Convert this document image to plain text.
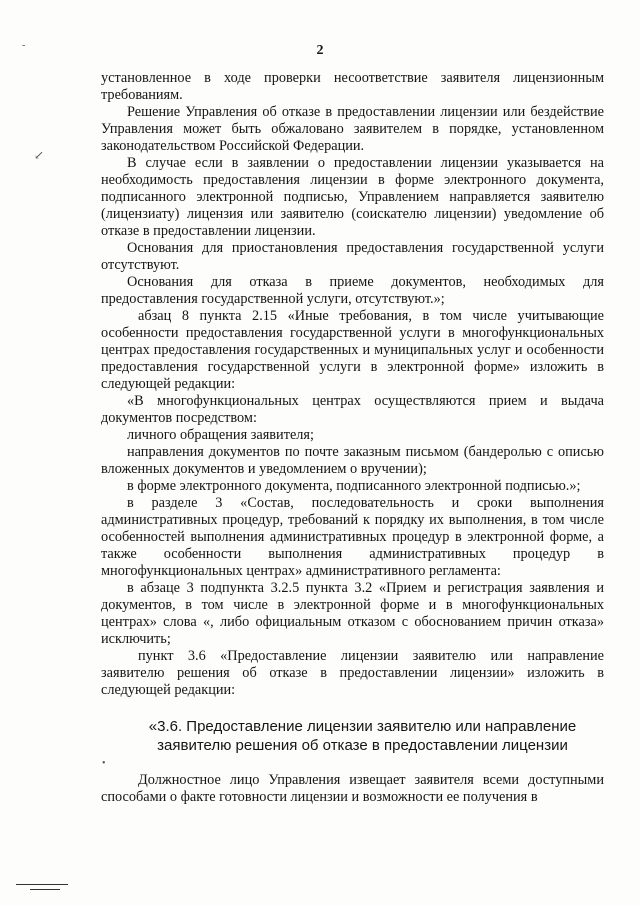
2

установленное в ходе проверки несоответствие заявителя лицензионным требованиям.

Решение Управления об отказе в предоставлении лицензии или бездействие Управления может быть обжаловано заявителем в порядке, установленном законодательством Российской Федерации.

В случае если в заявлении о предоставлении лицензии указывается на необходимость предоставления лицензии в форме электронного документа, подписанного электронной подписью, Управлением направляется заявителю (лицензиату) лицензия или заявителю (соискателю лицензии) уведомление об отказе в предоставлении лицензии.

Основания для приостановления предоставления государственной услуги отсутствуют.

Основания для отказа в приеме документов, необходимых для предоставления государственной услуги, отсутствуют.»;

абзац 8 пункта 2.15 «Иные требования, в том числе учитывающие особенности предоставления государственной услуги в многофункциональных центрах предоставления государственных и муниципальных услуг и особенности предоставления государственной услуги в электронной форме» изложить в следующей редакции:

«В многофункциональных центрах осуществляются прием и выдача документов посредством:

личного обращения заявителя;

направления документов по почте заказным письмом (бандеролью с описью вложенных документов и уведомлением о вручении);

в форме электронного документа, подписанного электронной подписью.»;

в разделе 3 «Состав, последовательность и сроки выполнения административных процедур, требований к порядку их выполнения, в том числе особенностей выполнения административных процедур в электронной форме, а также особенности выполнения административных процедур в многофункциональных центрах» административного регламента:

в абзаце 3 подпункта 3.2.5 пункта 3.2 «Прием и регистрация заявления и документов, в том числе в электронной форме и в многофункциональных центрах» слова «, либо официальным отказом с обоснованием причин отказа» исключить;

пункт 3.6 «Предоставление лицензии заявителю или направление заявителю решения об отказе в предоставлении лицензии» изложить в следующей редакции:

«3.6. Предоставление лицензии заявителю или направление
заявителю решения об отказе в предоставлении лицензии

Должностное лицо Управления извещает заявителя всеми доступными способами о факте готовности лицензии и возможности ее получения в

-
↙
•
